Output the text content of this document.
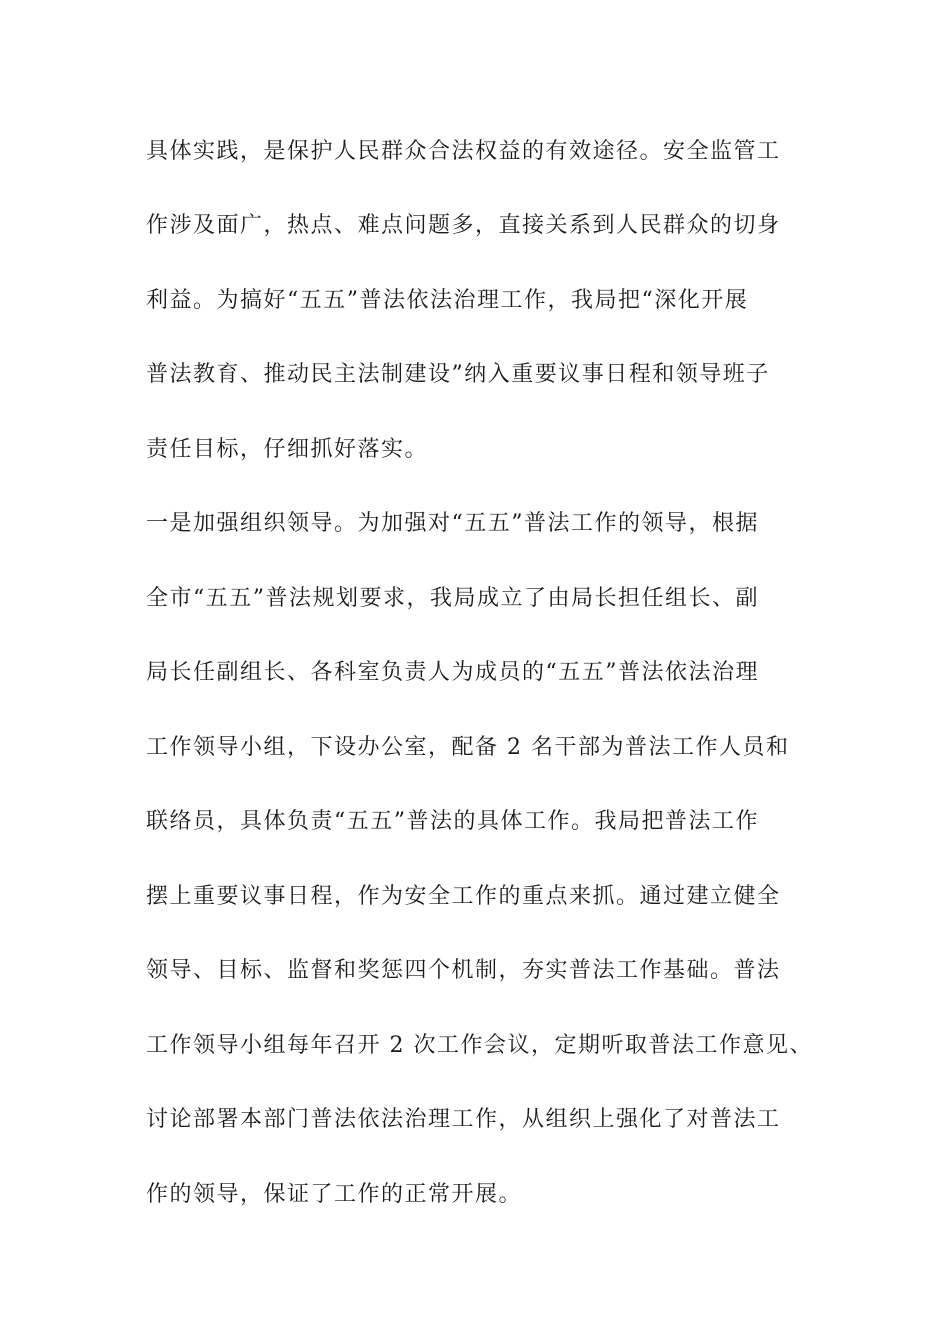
具体实践，是保护人民群众合法权益的有效途径。安全监管工
作涉及面广，热点、难点问题多，直接关系到人民群众的切身
利益。为搞好“五五”普法依法治理工作，我局把“深化开展
普法教育、推动民主法制建设”纳入重要议事日程和领导班子
责任目标，仔细抓好落实。
一是加强组织领导。为加强对“五五”普法工作的领导，根据
全市“五五”普法规划要求，我局成立了由局长担任组长、副
局长任副组长、各科室负责人为成员的“五五”普法依法治理
工作领导小组，下设办公室，配备 2 名干部为普法工作人员和
联络员，具体负责“五五”普法的具体工作。我局把普法工作
摆上重要议事日程，作为安全工作的重点来抓。通过建立健全
领导、目标、监督和奖惩四个机制，夯实普法工作基础。普法
工作领导小组每年召开 2 次工作会议，定期听取普法工作意见、
讨论部署本部门普法依法治理工作，从组织上强化了对普法工
作的领导，保证了工作的正常开展。
